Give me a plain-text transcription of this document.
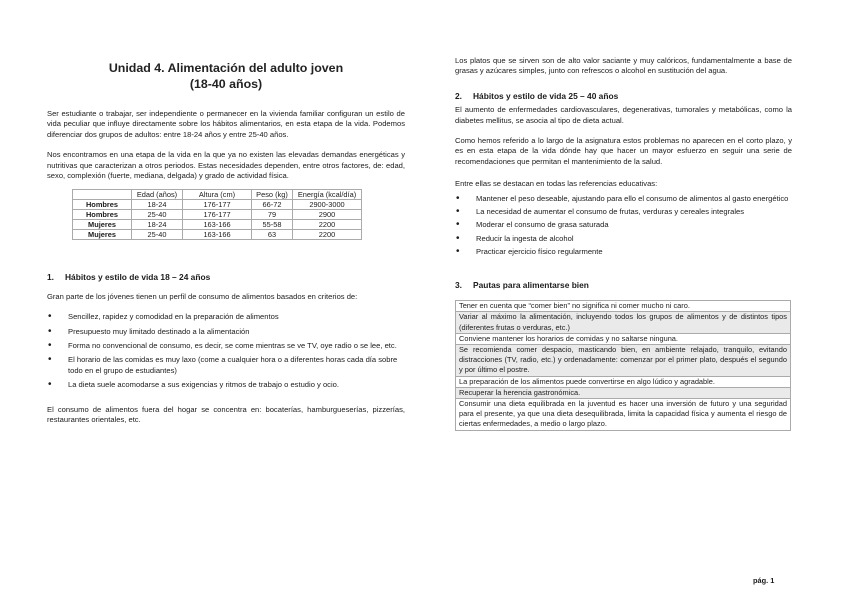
Unidad 4. Alimentación del adulto joven
(18-40 años)

Ser estudiante o trabajar, ser independiente o permanecer en la vivienda familiar configuran un estilo de vida peculiar que influye directamente sobre los hábitos alimentarios, en esta etapa de la vida. Podemos diferenciar dos grupos de adultos: entre 18-24 años y entre 25-40 años.

Nos encontramos en una etapa de la vida en la que ya no existen las elevadas demandas energéticas y nutritivas que caracterizan a otros periodos. Estas necesidades dependen, entre otros factores, de: edad, sexo, complexión (fuerte, mediana, delgada) y grado de actividad física.

	Edad (años)	Altura (cm)	Peso (kg)	Energía (kcal/día)
Hombres	18-24	176-177	66-72	2900-3000
Hombres	25-40	176-177	79	2900
Mujeres	18-24	163-166	55-58	2200
Mujeres	25-40	163-166	63	2200
1. Hábitos y estilo de vida 18 – 24 años

Gran parte de los jóvenes tienen un perfil de consumo de alimentos basados en criterios de:

• Sencillez, rapidez y comodidad en la preparación de alimentos
• Presupuesto muy limitado destinado a la alimentación
• Forma no convencional de consumo, es decir, se come mientras se ve TV, oye radio o se lee, etc.
• El horario de las comidas es muy laxo (come a cualquier hora o a diferentes horas cada día sobre todo en el grupo de estudiantes)
• La dieta suele acomodarse a sus exigencias y ritmos de trabajo o estudio y ocio.

El consumo de alimentos fuera del hogar se concentra en: bocaterías, hamburgueserías, pizzerías, restaurantes orientales, etc.

Los platos que se sirven son de alto valor saciante y muy calóricos, fundamentalmente a base de grasas y azúcares simples, junto con refrescos o alcohol en sustitución del agua.

2. Hábitos y estilo de vida 25 – 40 años

El aumento de enfermedades cardiovasculares, degenerativas, tumorales y metabólicas, como la diabetes mellitus, se asocia al tipo de dieta actual.

Como hemos referido a lo largo de la asignatura estos problemas no aparecen en el corto plazo, y es en esta etapa de la vida dónde hay que hacer un mayor esfuerzo en seguir una serie de recomendaciones que permitan el mantenimiento de la salud.

Entre ellas se destacan en todas las referencias educativas:

• Mantener el peso deseable, ajustando para ello el consumo de alimentos al gasto energético
• La necesidad de aumentar el consumo de frutas, verduras y cereales integrales
• Moderar el consumo de grasa saturada
• Reducir la ingesta de alcohol
• Practicar ejercicio físico regularmente
3. Pautas para alimentarse bien
Tener en cuenta que “comer bien” no significa ni comer mucho ni caro.
Variar al máximo la alimentación, incluyendo todos los grupos de alimentos y de distintos tipos (diferentes frutas o verduras, etc.)
Conviene mantener los horarios de comidas y no saltarse ninguna.
Se recomienda comer despacio, masticando bien, en ambiente relajado, tranquilo, evitando distracciones (TV, radio, etc.) y ordenadamente: comenzar por el primer plato, después el segundo y por último el postre.
La preparación de los alimentos puede convertirse en algo lúdico y agradable.
Recuperar la herencia gastronómica.
Consumir una dieta equilibrada en la juventud es hacer una inversión de futuro y una seguridad para el presente, ya que una dieta desequilibrada, limita la capacidad física y aumenta el riesgo de ciertas enfermedades, a medio o largo plazo.
pág. 1
